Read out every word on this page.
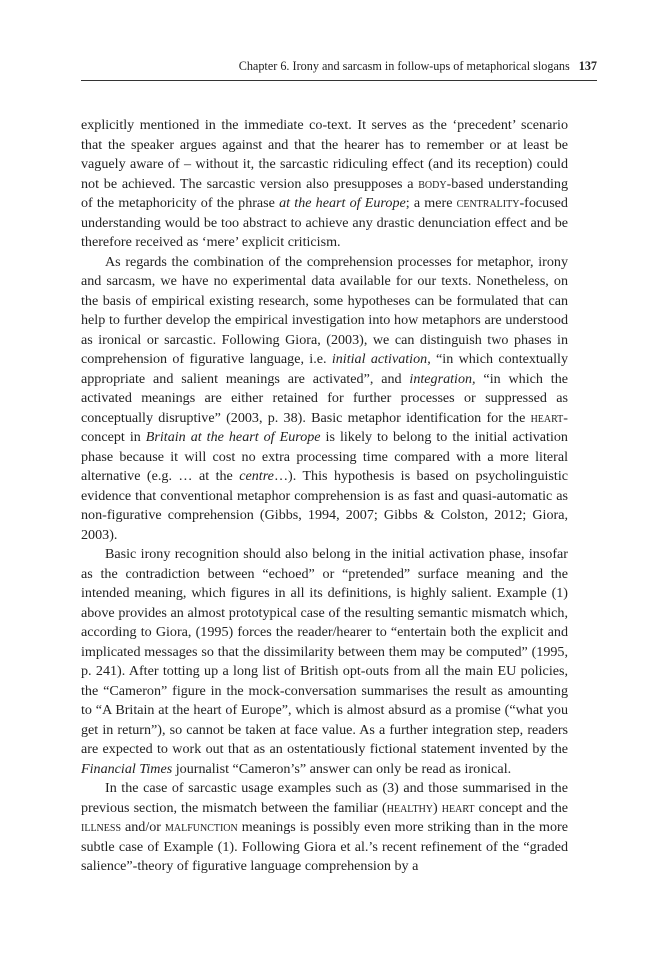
Chapter 6. Irony and sarcasm in follow-ups of metaphorical slogans 137

explicitly mentioned in the immediate co-text. It serves as the ‘precedent’ scenario that the speaker argues against and that the hearer has to remember or at least be vaguely aware of – without it, the sarcastic ridiculing effect (and its reception) could not be achieved. The sarcastic version also presupposes a body-based understanding of the metaphoricity of the phrase at the heart of Europe; a mere centrality-focused understanding would be too abstract to achieve any drastic denunciation effect and be therefore received as ‘mere’ explicit criticism.

As regards the combination of the comprehension processes for metaphor, irony and sarcasm, we have no experimental data available for our texts. Nonetheless, on the basis of empirical existing research, some hypotheses can be formulated that can help to further develop the empirical investigation into how metaphors are understood as ironical or sarcastic. Following Giora, (2003), we can distinguish two phases in comprehension of figurative language, i.e. initial activation, “in which contextually appropriate and salient meanings are activated”, and integration, “in which the activated meanings are either retained for further processes or suppressed as conceptually disruptive” (2003, p. 38). Basic metaphor identification for the heart-concept in Britain at the heart of Europe is likely to belong to the initial activation phase because it will cost no extra processing time compared with a more literal alternative (e.g. … at the centre…). This hypothesis is based on psycholinguistic evidence that conventional metaphor comprehension is as fast and quasi-automatic as non-figurative comprehension (Gibbs, 1994, 2007; Gibbs & Colston, 2012; Giora, 2003).

Basic irony recognition should also belong in the initial activation phase, insofar as the contradiction between “echoed” or “pretended” surface meaning and the intended meaning, which figures in all its definitions, is highly salient. Example (1) above provides an almost prototypical case of the resulting semantic mismatch which, according to Giora, (1995) forces the reader/hearer to “entertain both the explicit and implicated messages so that the dissimilarity between them may be computed” (1995, p. 241). After totting up a long list of British opt-outs from all the main EU policies, the “Cameron” figure in the mock-conversation summarises the result as amounting to “A Britain at the heart of Europe”, which is almost absurd as a promise (“what you get in return”), so cannot be taken at face value. As a further integration step, readers are expected to work out that as an ostentatiously fictional statement invented by the Financial Times journalist “Cameron’s” answer can only be read as ironical.

In the case of sarcastic usage examples such as (3) and those summarised in the previous section, the mismatch between the familiar (healthy) heart concept and the illness and/or malfunction meanings is possibly even more striking than in the more subtle case of Example (1). Following Giora et al.’s recent refinement of the “graded salience”-theory of figurative language comprehension by a
